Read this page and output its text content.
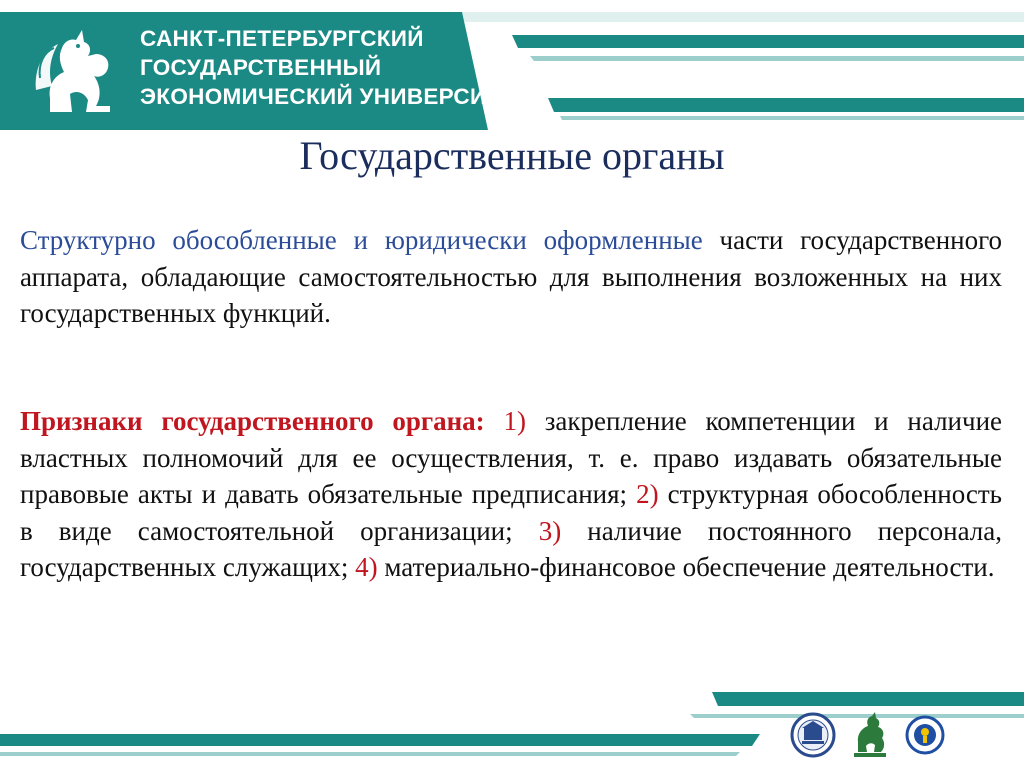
САНКТ-ПЕТЕРБУРГСКИЙ
ГОСУДАРСТВЕННЫЙ
ЭКОНОМИЧЕСКИЙ УНИВЕРСИТЕТ
Государственные органы

Структурно обособленные и юридически оформленные части государственного аппарата, обладающие самостоятельностью для выполнения возложенных на них государственных функций.

Признаки государственного органа: 1) закрепление компетенции и наличие властных полномочий для ее осуществления, т. е. право издавать обязательные правовые акты и давать обязательные предписания; 2) структурная обособленность в виде самостоятельной организации; 3) наличие постоянного персонала, государственных служащих; 4) материально-финансовое обеспечение деятельности.
